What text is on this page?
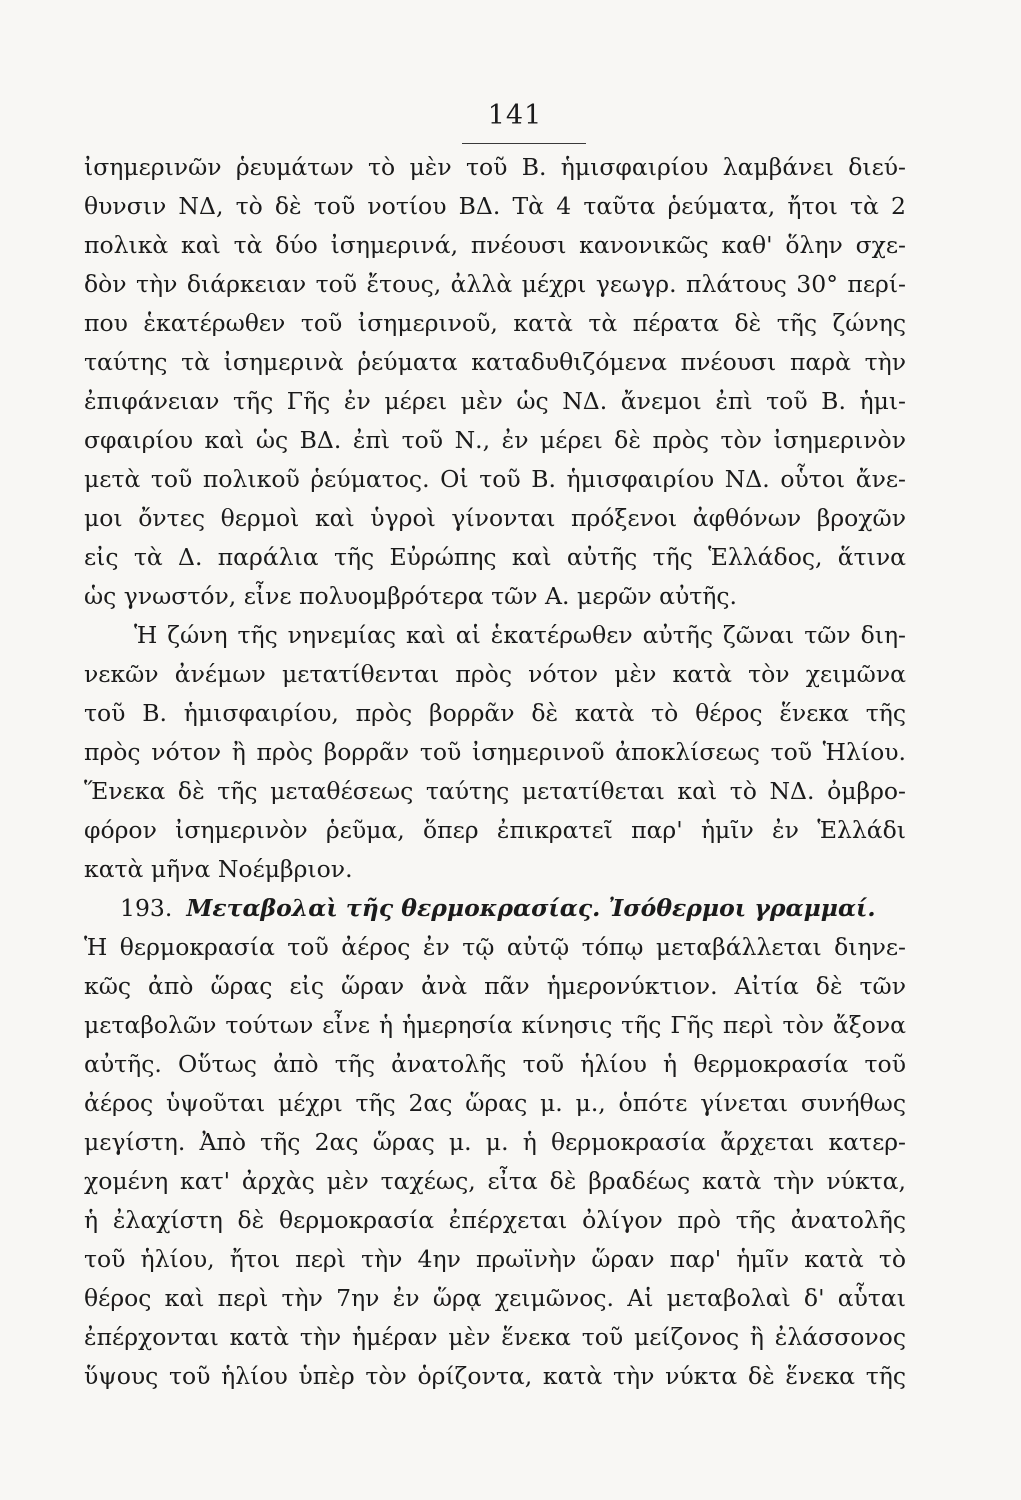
141
ἰσημερινῶν ῥευμάτων τὸ μὲν τοῦ Β. ἡμισφαιρίου λαμβάνει διεύ-
θυνσιν ΝΔ, τὸ δὲ τοῦ νοτίου ΒΔ. Τὰ 4 ταῦτα ῥεύματα, ἤτοι τὰ 2
πολικὰ καὶ τὰ δύο ἰσημερινά, πνέουσι κανονικῶς καθ' ὅλην σχε-
δὸν τὴν διάρκειαν τοῦ ἔτους, ἀλλὰ μέχρι γεωγρ. πλάτους 30° περί-
που ἑκατέρωθεν τοῦ ἰσημερινοῦ, κατὰ τὰ πέρατα δὲ τῆς ζώνης
ταύτης τὰ ἰσημερινὰ ῥεύματα καταδυθιζόμενα πνέουσι παρὰ τὴν
ἐπιφάνειαν τῆς Γῆς ἐν μέρει μὲν ὡς ΝΔ. ἄνεμοι ἐπὶ τοῦ Β. ἡμι-
σφαιρίου καὶ ὡς ΒΔ. ἐπὶ τοῦ Ν., ἐν μέρει δὲ πρὸς τὸν ἰσημερινὸν
μετὰ τοῦ πολικοῦ ῥεύματος. Οἱ τοῦ Β. ἡμισφαιρίου ΝΔ. οὗτοι ἄνε-
μοι ὄντες θερμοὶ καὶ ὑγροὶ γίνονται πρόξενοι ἀφθόνων βροχῶν
εἰς τὰ Δ. παράλια τῆς Εὐρώπης καὶ αὐτῆς τῆς Ἑλλάδος, ἅτινα
ὡς γνωστόν, εἶνε πολυομβρότερα τῶν Α. μερῶν αὐτῆς.
Ἡ ζώνη τῆς νηνεμίας καὶ αἱ ἑκατέρωθεν αὐτῆς ζῶναι τῶν διη-
νεκῶν ἀνέμων μετατίθενται πρὸς νότον μὲν κατὰ τὸν χειμῶνα
τοῦ Β. ἡμισφαιρίου, πρὸς βορρᾶν δὲ κατὰ τὸ θέρος ἕνεκα τῆς
πρὸς νότον ἢ πρὸς βορρᾶν τοῦ ἰσημερινοῦ ἀποκλίσεως τοῦ Ἡλίου.
Ἕνεκα δὲ τῆς μεταθέσεως ταύτης μετατίθεται καὶ τὸ ΝΔ. ὀμβρο-
φόρον ἰσημερινὸν ῥεῦμα, ὅπερ ἐπικρατεῖ παρ' ἡμῖν ἐν Ἑλλάδι
κατὰ μῆνα Νοέμβριον.
193. Μεταβολαὶ τῆς θερμοκρασίας. Ἰσόθερμοι γραμμαί.
Ἡ θερμοκρασία τοῦ ἀέρος ἐν τῷ αὐτῷ τόπῳ μεταβάλλεται διηνε-
κῶς ἀπὸ ὥρας εἰς ὥραν ἀνὰ πᾶν ἡμερονύκτιον. Αἰτία δὲ τῶν
μεταβολῶν τούτων εἶνε ἡ ἡμερησία κίνησις τῆς Γῆς περὶ τὸν ἄξονα
αὐτῆς. Οὕτως ἀπὸ τῆς ἀνατολῆς τοῦ ἡλίου ἡ θερμοκρασία τοῦ
ἀέρος ὑψοῦται μέχρι τῆς 2ας ὥρας μ. μ., ὁπότε γίνεται συνήθως
μεγίστη. Ἀπὸ τῆς 2ας ὥρας μ. μ. ἡ θερμοκρασία ἄρχεται κατερ-
χομένη κατ' ἀρχὰς μὲν ταχέως, εἶτα δὲ βραδέως κατὰ τὴν νύκτα,
ἡ ἐλαχίστη δὲ θερμοκρασία ἐπέρχεται ὀλίγον πρὸ τῆς ἀνατολῆς
τοῦ ἡλίου, ἤτοι περὶ τὴν 4ην πρωϊνὴν ὥραν παρ' ἡμῖν κατὰ τὸ
θέρος καὶ περὶ τὴν 7ην ἐν ὥρᾳ χειμῶνος. Αἱ μεταβολαὶ δ' αὗται
ἐπέρχονται κατὰ τὴν ἡμέραν μὲν ἕνεκα τοῦ μείζονος ἢ ἐλάσσονος
ὕψους τοῦ ἡλίου ὑπὲρ τὸν ὁρίζοντα, κατὰ τὴν νύκτα δὲ ἕνεκα τῆς
